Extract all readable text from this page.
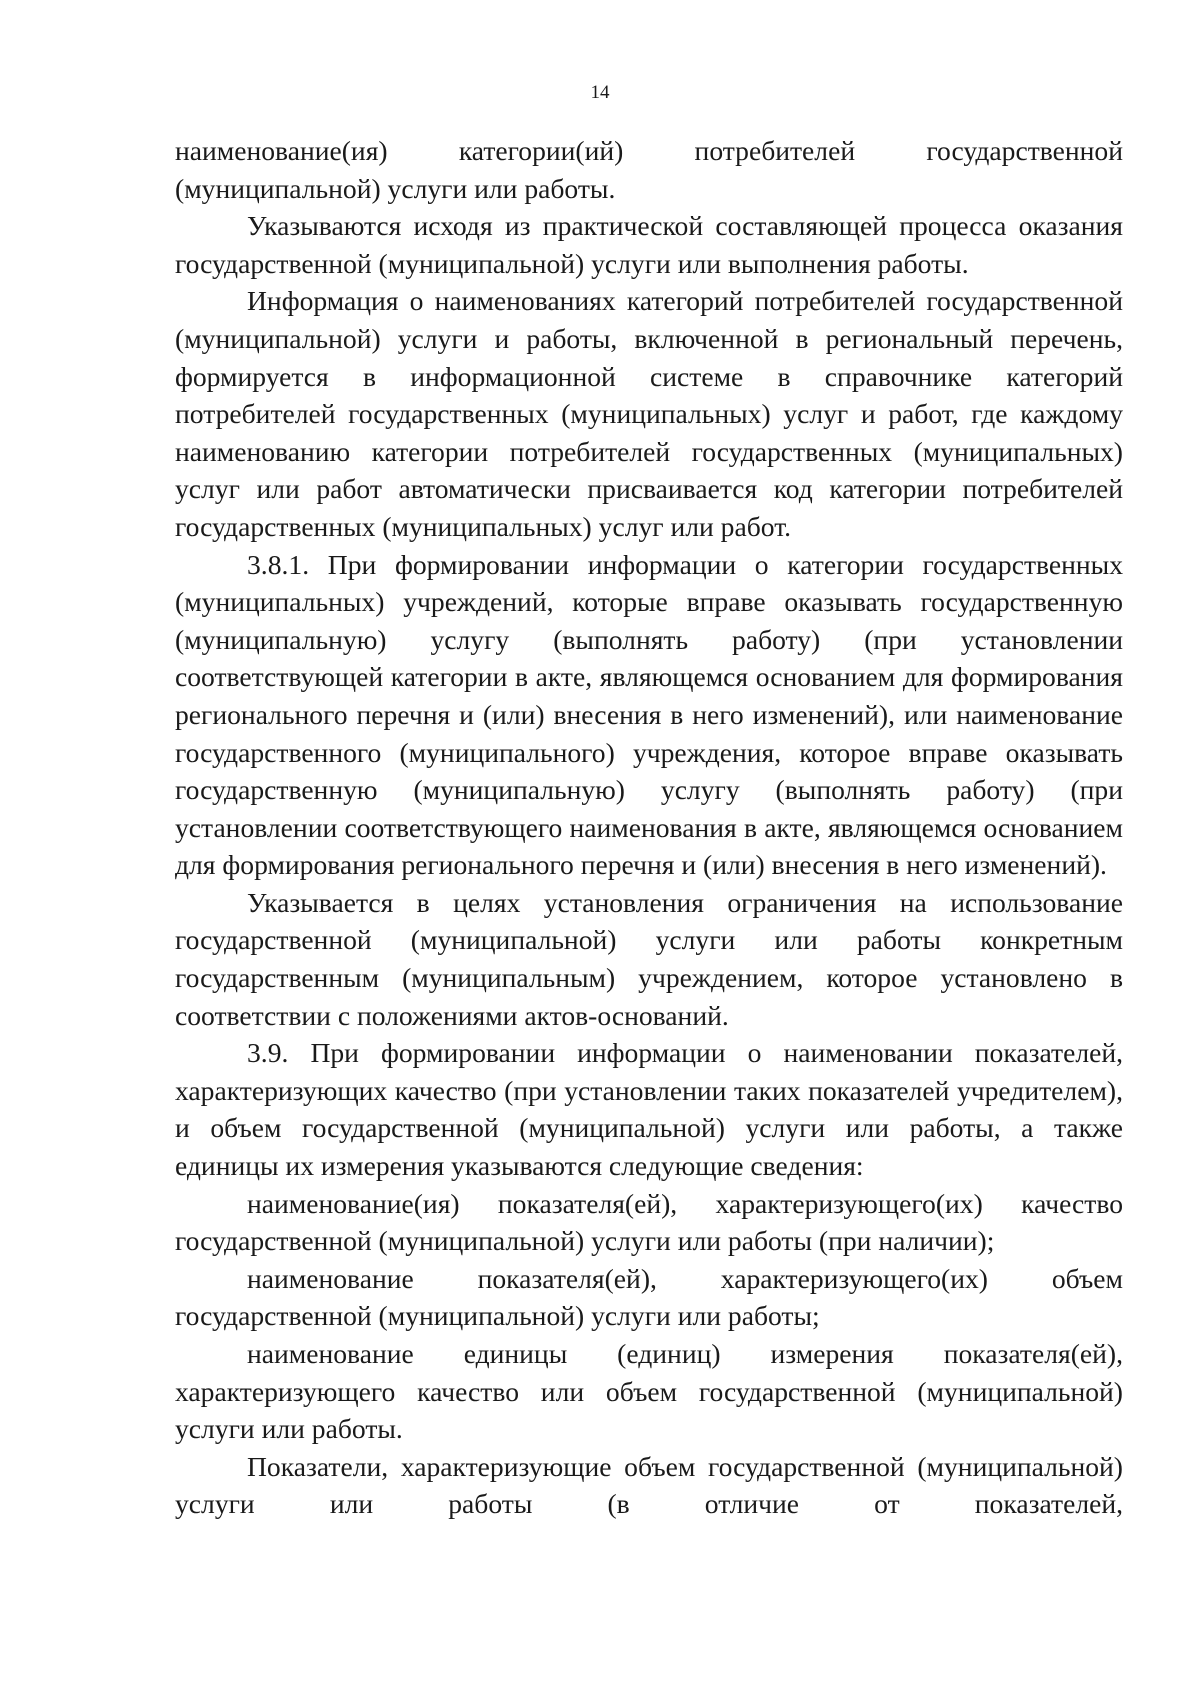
14

наименование(ия) категории(ий) потребителей государственной (муниципальной) услуги или работы.

Указываются исходя из практической составляющей процесса оказания государственной (муниципальной) услуги или выполнения работы.

Информация о наименованиях категорий потребителей государственной (муниципальной) услуги и работы, включенной в региональный перечень, формируется в информационной системе в справочнике категорий потребителей государственных (муниципальных) услуг и работ, где каждому наименованию категории потребителей государственных (муниципальных) услуг или работ автоматически присваивается код категории потребителей государственных (муниципальных) услуг или работ.

3.8.1. При формировании информации о категории государственных (муниципальных) учреждений, которые вправе оказывать государственную (муниципальную) услугу (выполнять работу) (при установлении соответствующей категории в акте, являющемся основанием для формирования регионального перечня и (или) внесения в него изменений), или наименование государственного (муниципального) учреждения, которое вправе оказывать государственную (муниципальную) услугу (выполнять работу) (при установлении соответствующего наименования в акте, являющемся основанием для формирования регионального перечня и (или) внесения в него изменений).

Указывается в целях установления ограничения на использование государственной (муниципальной) услуги или работы конкретным государственным (муниципальным) учреждением, которое установлено в соответствии с положениями актов-оснований.

3.9. При формировании информации о наименовании показателей, характеризующих качество (при установлении таких показателей учредителем), и объем государственной (муниципальной) услуги или работы, а также единицы их измерения указываются следующие сведения:

наименование(ия) показателя(ей), характеризующего(их) качество государственной (муниципальной) услуги или работы (при наличии);

наименование показателя(ей), характеризующего(их) объем государственной (муниципальной) услуги или работы;

наименование единицы (единиц) измерения показателя(ей), характеризующего качество или объем государственной (муниципальной) услуги или работы.

Показатели, характеризующие объем государственной (муниципальной) услуги или работы (в отличие от показателей,
